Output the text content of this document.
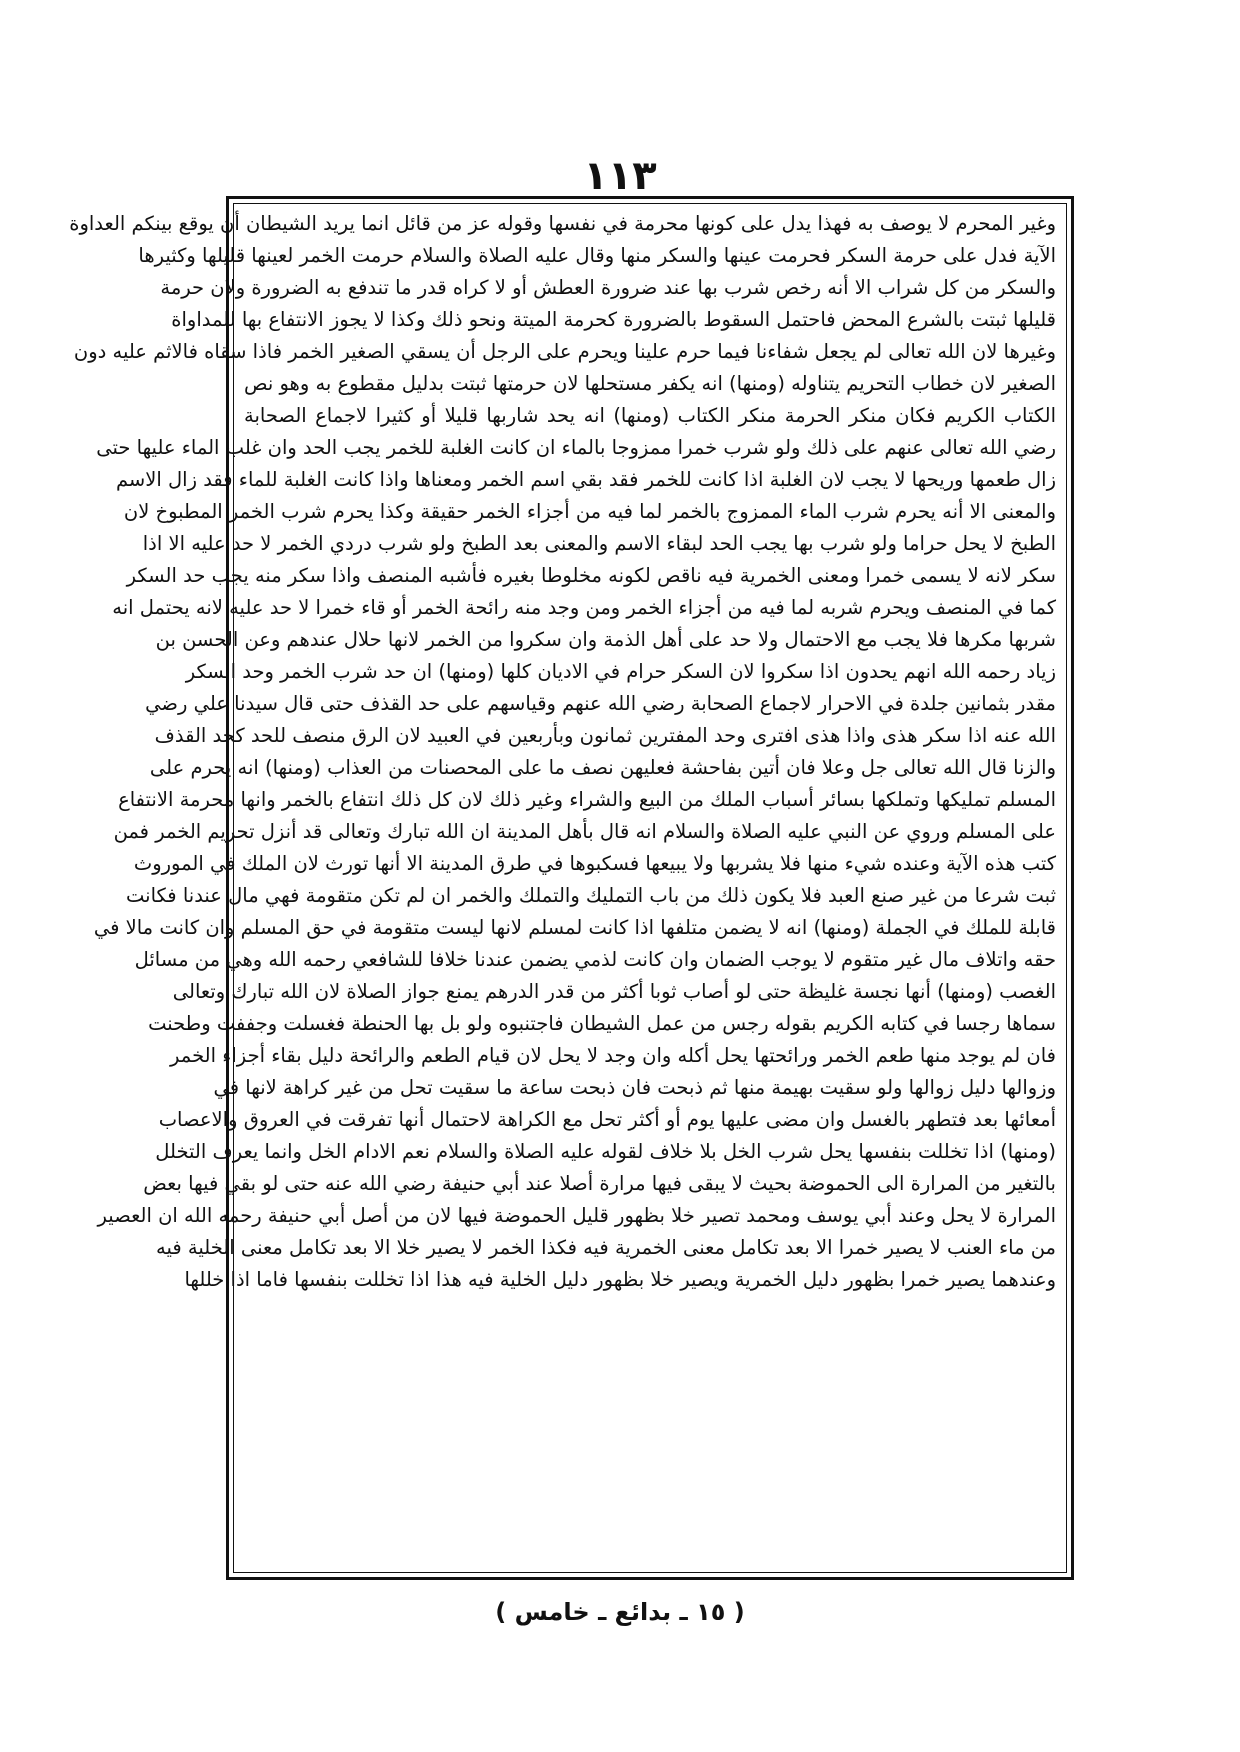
١١٣
وغير المحرم لا يوصف به فهذا يدل على كونها محرمة في نفسها وقوله عز من قائل انما يريد الشيطان أن يوقع بينكم العداوة
الآية فدل على حرمة السكر فحرمت عينها والسكر منها وقال عليه الصلاة والسلام حرمت الخمر لعينها قليلها وكثيرها
والسكر من كل شراب الا أنه رخص شرب بها عند ضرورة العطش أو لا كراه قدر ما تندفع به الضرورة ولان حرمة
قليلها ثبتت بالشرع المحض فاحتمل السقوط بالضرورة كحرمة الميتة ونحو ذلك وكذا لا يجوز الانتفاع بها للمداواة
وغيرها لان الله تعالى لم يجعل شفاءنا فيما حرم علينا ويحرم على الرجل أن يسقي الصغير الخمر فاذا سقاه فالاثم عليه دون
الصغير لان خطاب التحريم يتناوله (ومنها) انه يكفر مستحلها لان حرمتها ثبتت بدليل مقطوع به وهو نص
الكتاب الكريم فكان منكر الحرمة منكر الكتاب (ومنها) انه يحد شاربها قليلا أو كثيرا لاجماع الصحابة
رضي الله تعالى عنهم على ذلك ولو شرب خمرا ممزوجا بالماء ان كانت الغلبة للخمر يجب الحد وان غلب الماء عليها حتى
زال طعمها وريحها لا يجب لان الغلبة اذا كانت للخمر فقد بقي اسم الخمر ومعناها واذا كانت الغلبة للماء فقد زال الاسم
والمعنى الا أنه يحرم شرب الماء الممزوج بالخمر لما فيه من أجزاء الخمر حقيقة وكذا يحرم شرب الخمر المطبوخ لان
الطبخ لا يحل حراما ولو شرب بها يجب الحد لبقاء الاسم والمعنى بعد الطبخ ولو شرب دردي الخمر لا حد عليه الا اذا
سكر لانه لا يسمى خمرا ومعنى الخمرية فيه ناقص لكونه مخلوطا بغيره فأشبه المنصف واذا سكر منه يجب حد السكر
كما في المنصف ويحرم شربه لما فيه من أجزاء الخمر ومن وجد منه رائحة الخمر أو قاء خمرا لا حد عليه لانه يحتمل انه
شربها مكرها فلا يجب مع الاحتمال ولا حد على أهل الذمة وان سكروا من الخمر لانها حلال عندهم وعن الحسن بن
زياد رحمه الله انهم يحدون اذا سكروا لان السكر حرام في الاديان كلها (ومنها) ان حد شرب الخمر وحد السكر
مقدر بثمانين جلدة في الاحرار لاجماع الصحابة رضي الله عنهم وقياسهم على حد القذف حتى قال سيدنا علي رضي
الله عنه اذا سكر هذى واذا هذى افترى وحد المفترين ثمانون وبأربعين في العبيد لان الرق منصف للحد كحد القذف
والزنا قال الله تعالى جل وعلا فان أتين بفاحشة فعليهن نصف ما على المحصنات من العذاب (ومنها) انه يحرم على
المسلم تمليكها وتملكها بسائر أسباب الملك من البيع والشراء وغير ذلك لان كل ذلك انتفاع بالخمر وانها محرمة الانتفاع
على المسلم وروي عن النبي عليه الصلاة والسلام انه قال بأهل المدينة ان الله تبارك وتعالى قد أنزل تحريم الخمر فمن
كتب هذه الآية وعنده شيء منها فلا يشربها ولا يبيعها فسكبوها في طرق المدينة الا أنها تورث لان الملك في الموروث
ثبت شرعا من غير صنع العبد فلا يكون ذلك من باب التمليك والتملك والخمر ان لم تكن متقومة فهي مال عندنا فكانت
قابلة للملك في الجملة (ومنها) انه لا يضمن متلفها اذا كانت لمسلم لانها ليست متقومة في حق المسلم وان كانت مالا في
حقه واتلاف مال غير متقوم لا يوجب الضمان وان كانت لذمي يضمن عندنا خلافا للشافعي رحمه الله وهي من مسائل
الغصب (ومنها) أنها نجسة غليظة حتى لو أصاب ثوبا أكثر من قدر الدرهم يمنع جواز الصلاة لان الله تبارك وتعالى
سماها رجسا في كتابه الكريم بقوله رجس من عمل الشيطان فاجتنبوه ولو بل بها الحنطة فغسلت وجففت وطحنت
فان لم يوجد منها طعم الخمر ورائحتها يحل أكله وان وجد لا يحل لان قيام الطعم والرائحة دليل بقاء أجزاء الخمر
وزوالها دليل زوالها ولو سقيت بهيمة منها ثم ذبحت فان ذبحت ساعة ما سقيت تحل من غير كراهة لانها في
أمعائها بعد فتطهر بالغسل وان مضى عليها يوم أو أكثر تحل مع الكراهة لاحتمال أنها تفرقت في العروق والاعصاب
(ومنها) اذا تخللت بنفسها يحل شرب الخل بلا خلاف لقوله عليه الصلاة والسلام نعم الادام الخل وانما يعرف التخلل
بالتغير من المرارة الى الحموضة بحيث لا يبقى فيها مرارة أصلا عند أبي حنيفة رضي الله عنه حتى لو بقي فيها بعض
المرارة لا يحل وعند أبي يوسف ومحمد تصير خلا بظهور قليل الحموضة فيها لان من أصل أبي حنيفة رحمه الله ان العصير
من ماء العنب لا يصير خمرا الا بعد تكامل معنى الخمرية فيه فكذا الخمر لا يصير خلا الا بعد تكامل معنى الخلية فيه
وعندهما يصير خمرا بظهور دليل الخمرية ويصير خلا بظهور دليل الخلية فيه هذا اذا تخللت بنفسها فاما اذا خللها
( ١٥ ـ بدائع ـ خامس )
